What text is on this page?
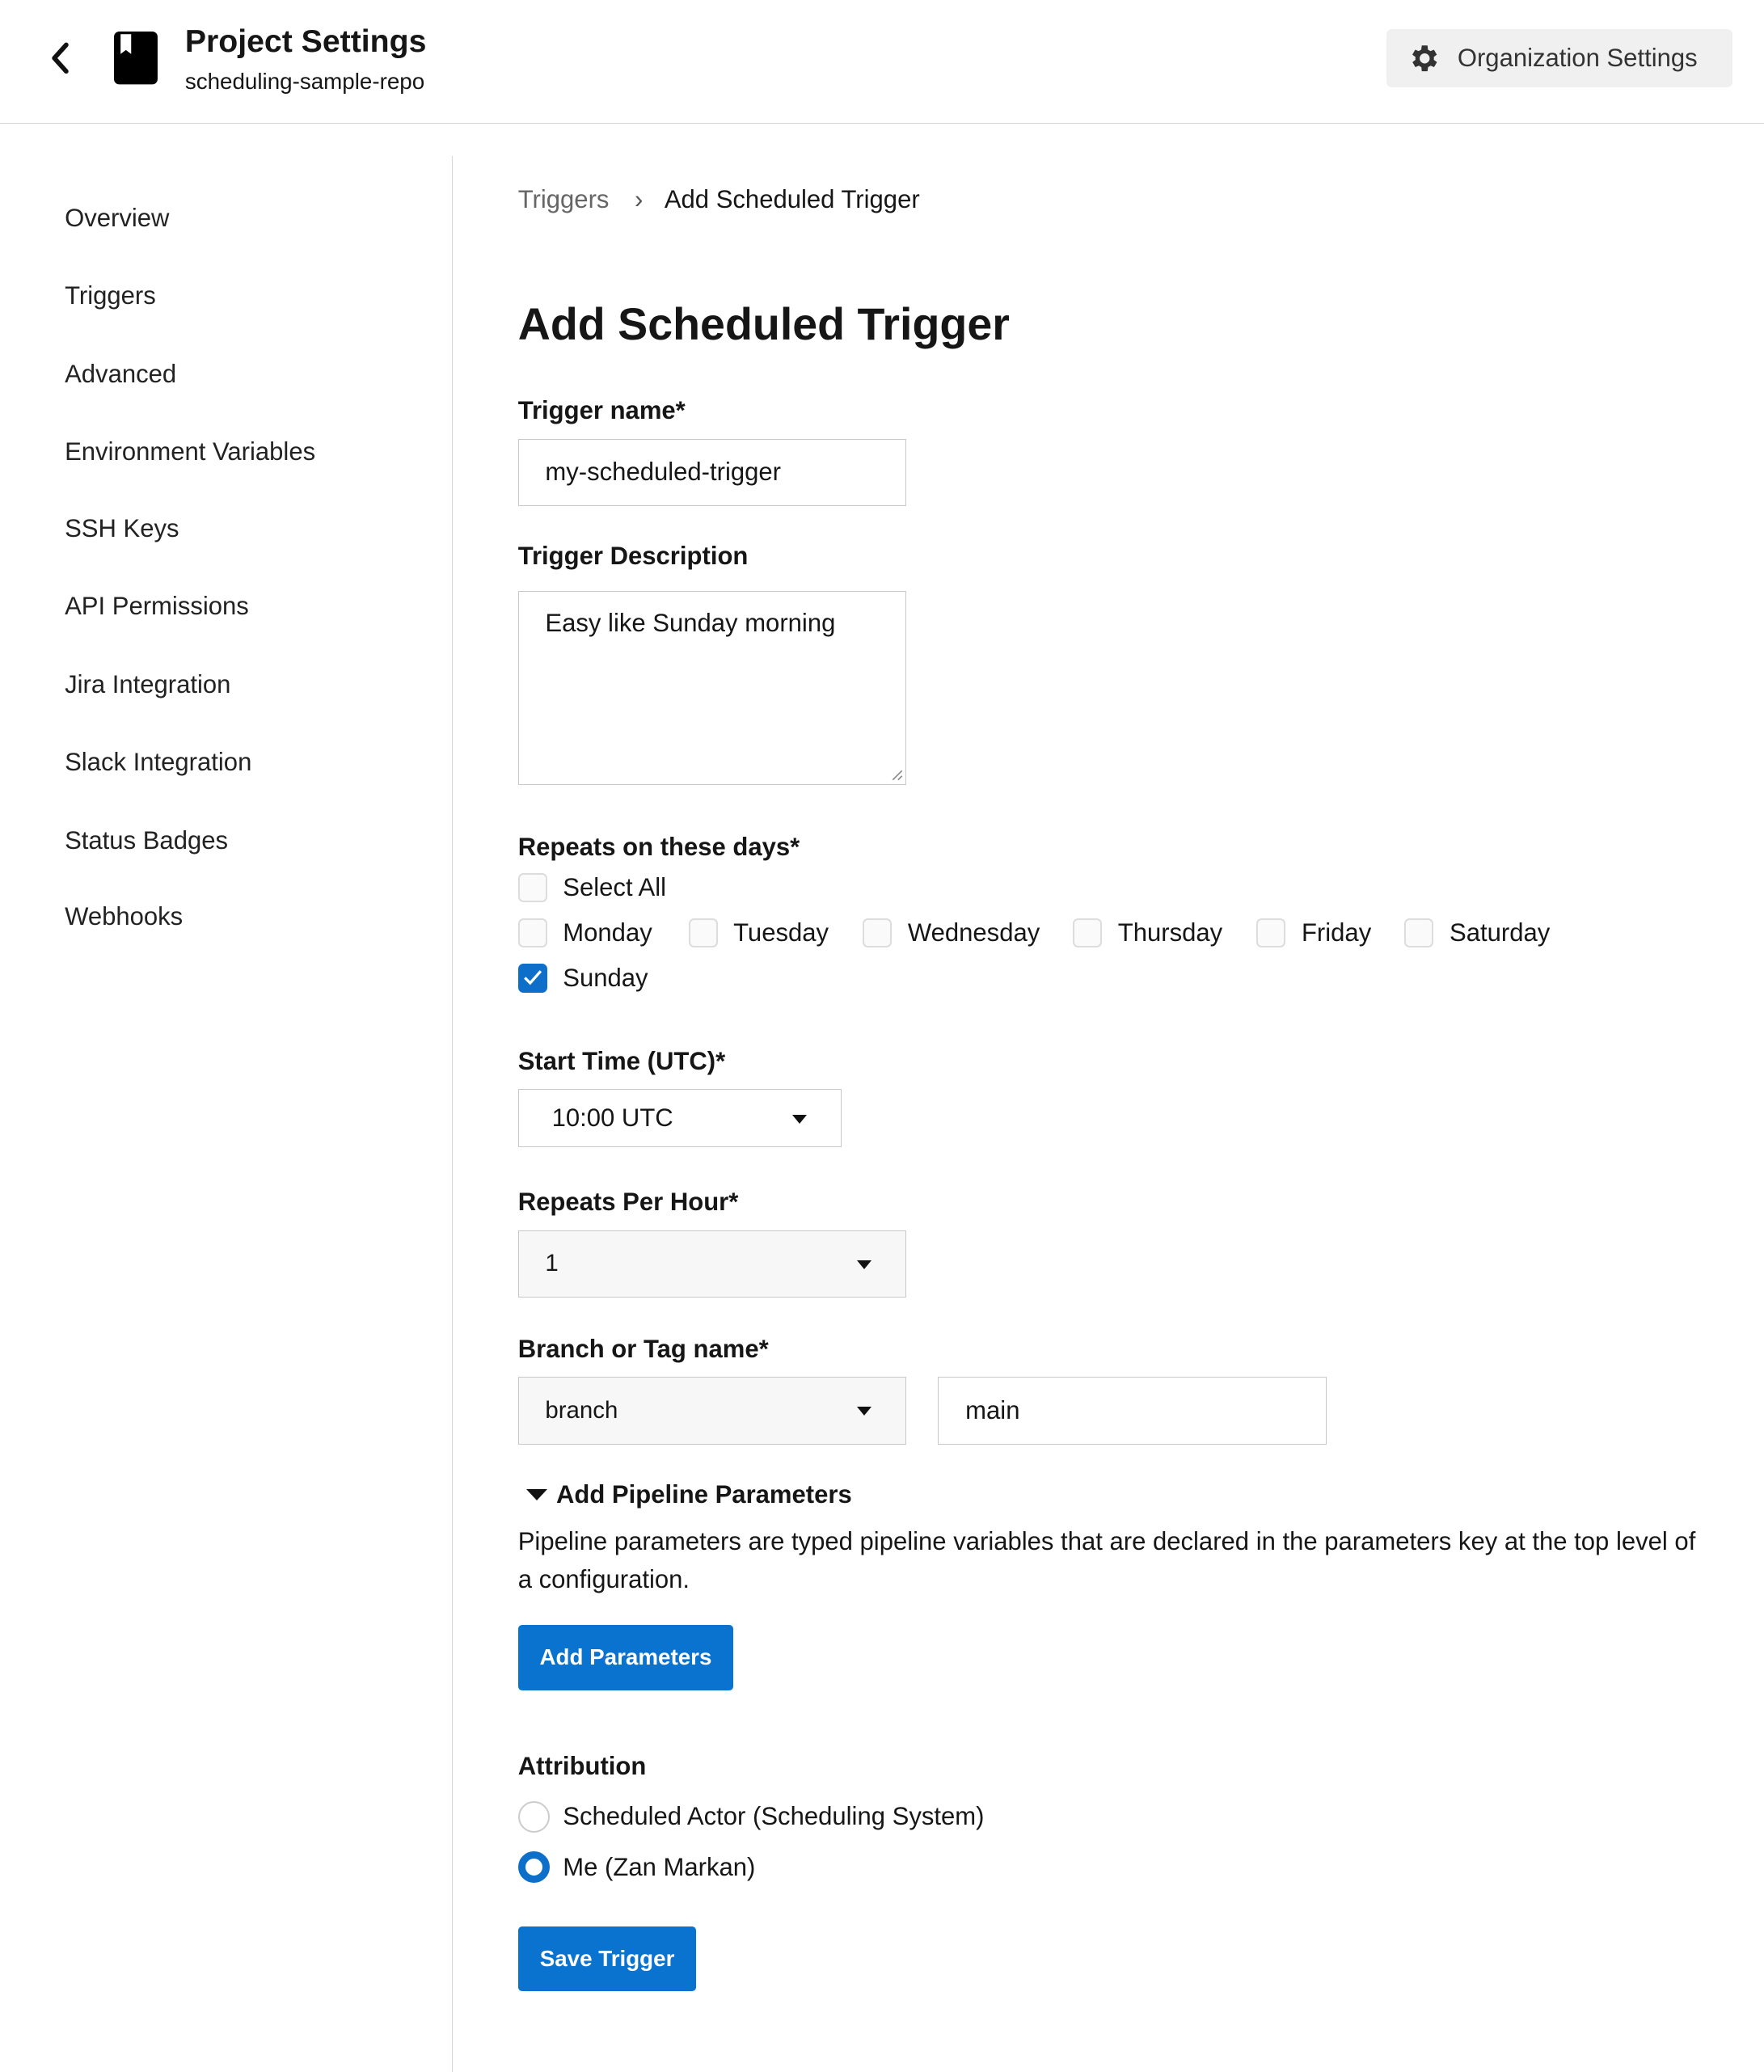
Project Settings
scheduling-sample-repo
Organization Settings
Overview
Triggers
Advanced
Environment Variables
SSH Keys
API Permissions
Jira Integration
Slack Integration
Status Badges
Webhooks
Triggers › Add Scheduled Trigger
Add Scheduled Trigger
Trigger name*
my-scheduled-trigger
Trigger Description
Easy like Sunday morning
Repeats on these days*
Select All
Monday	Tuesday	Wednesday	Thursday	Friday	Saturday
Sunday
Start Time (UTC)*
10:00 UTC
Repeats Per Hour*
1
Branch or Tag name*
branch	main
Add Pipeline Parameters
Pipeline parameters are typed pipeline variables that are declared in the parameters key at the top level of a configuration.
Add Parameters
Attribution
Scheduled Actor (Scheduling System)
Me (Zan Markan)
Save Trigger
